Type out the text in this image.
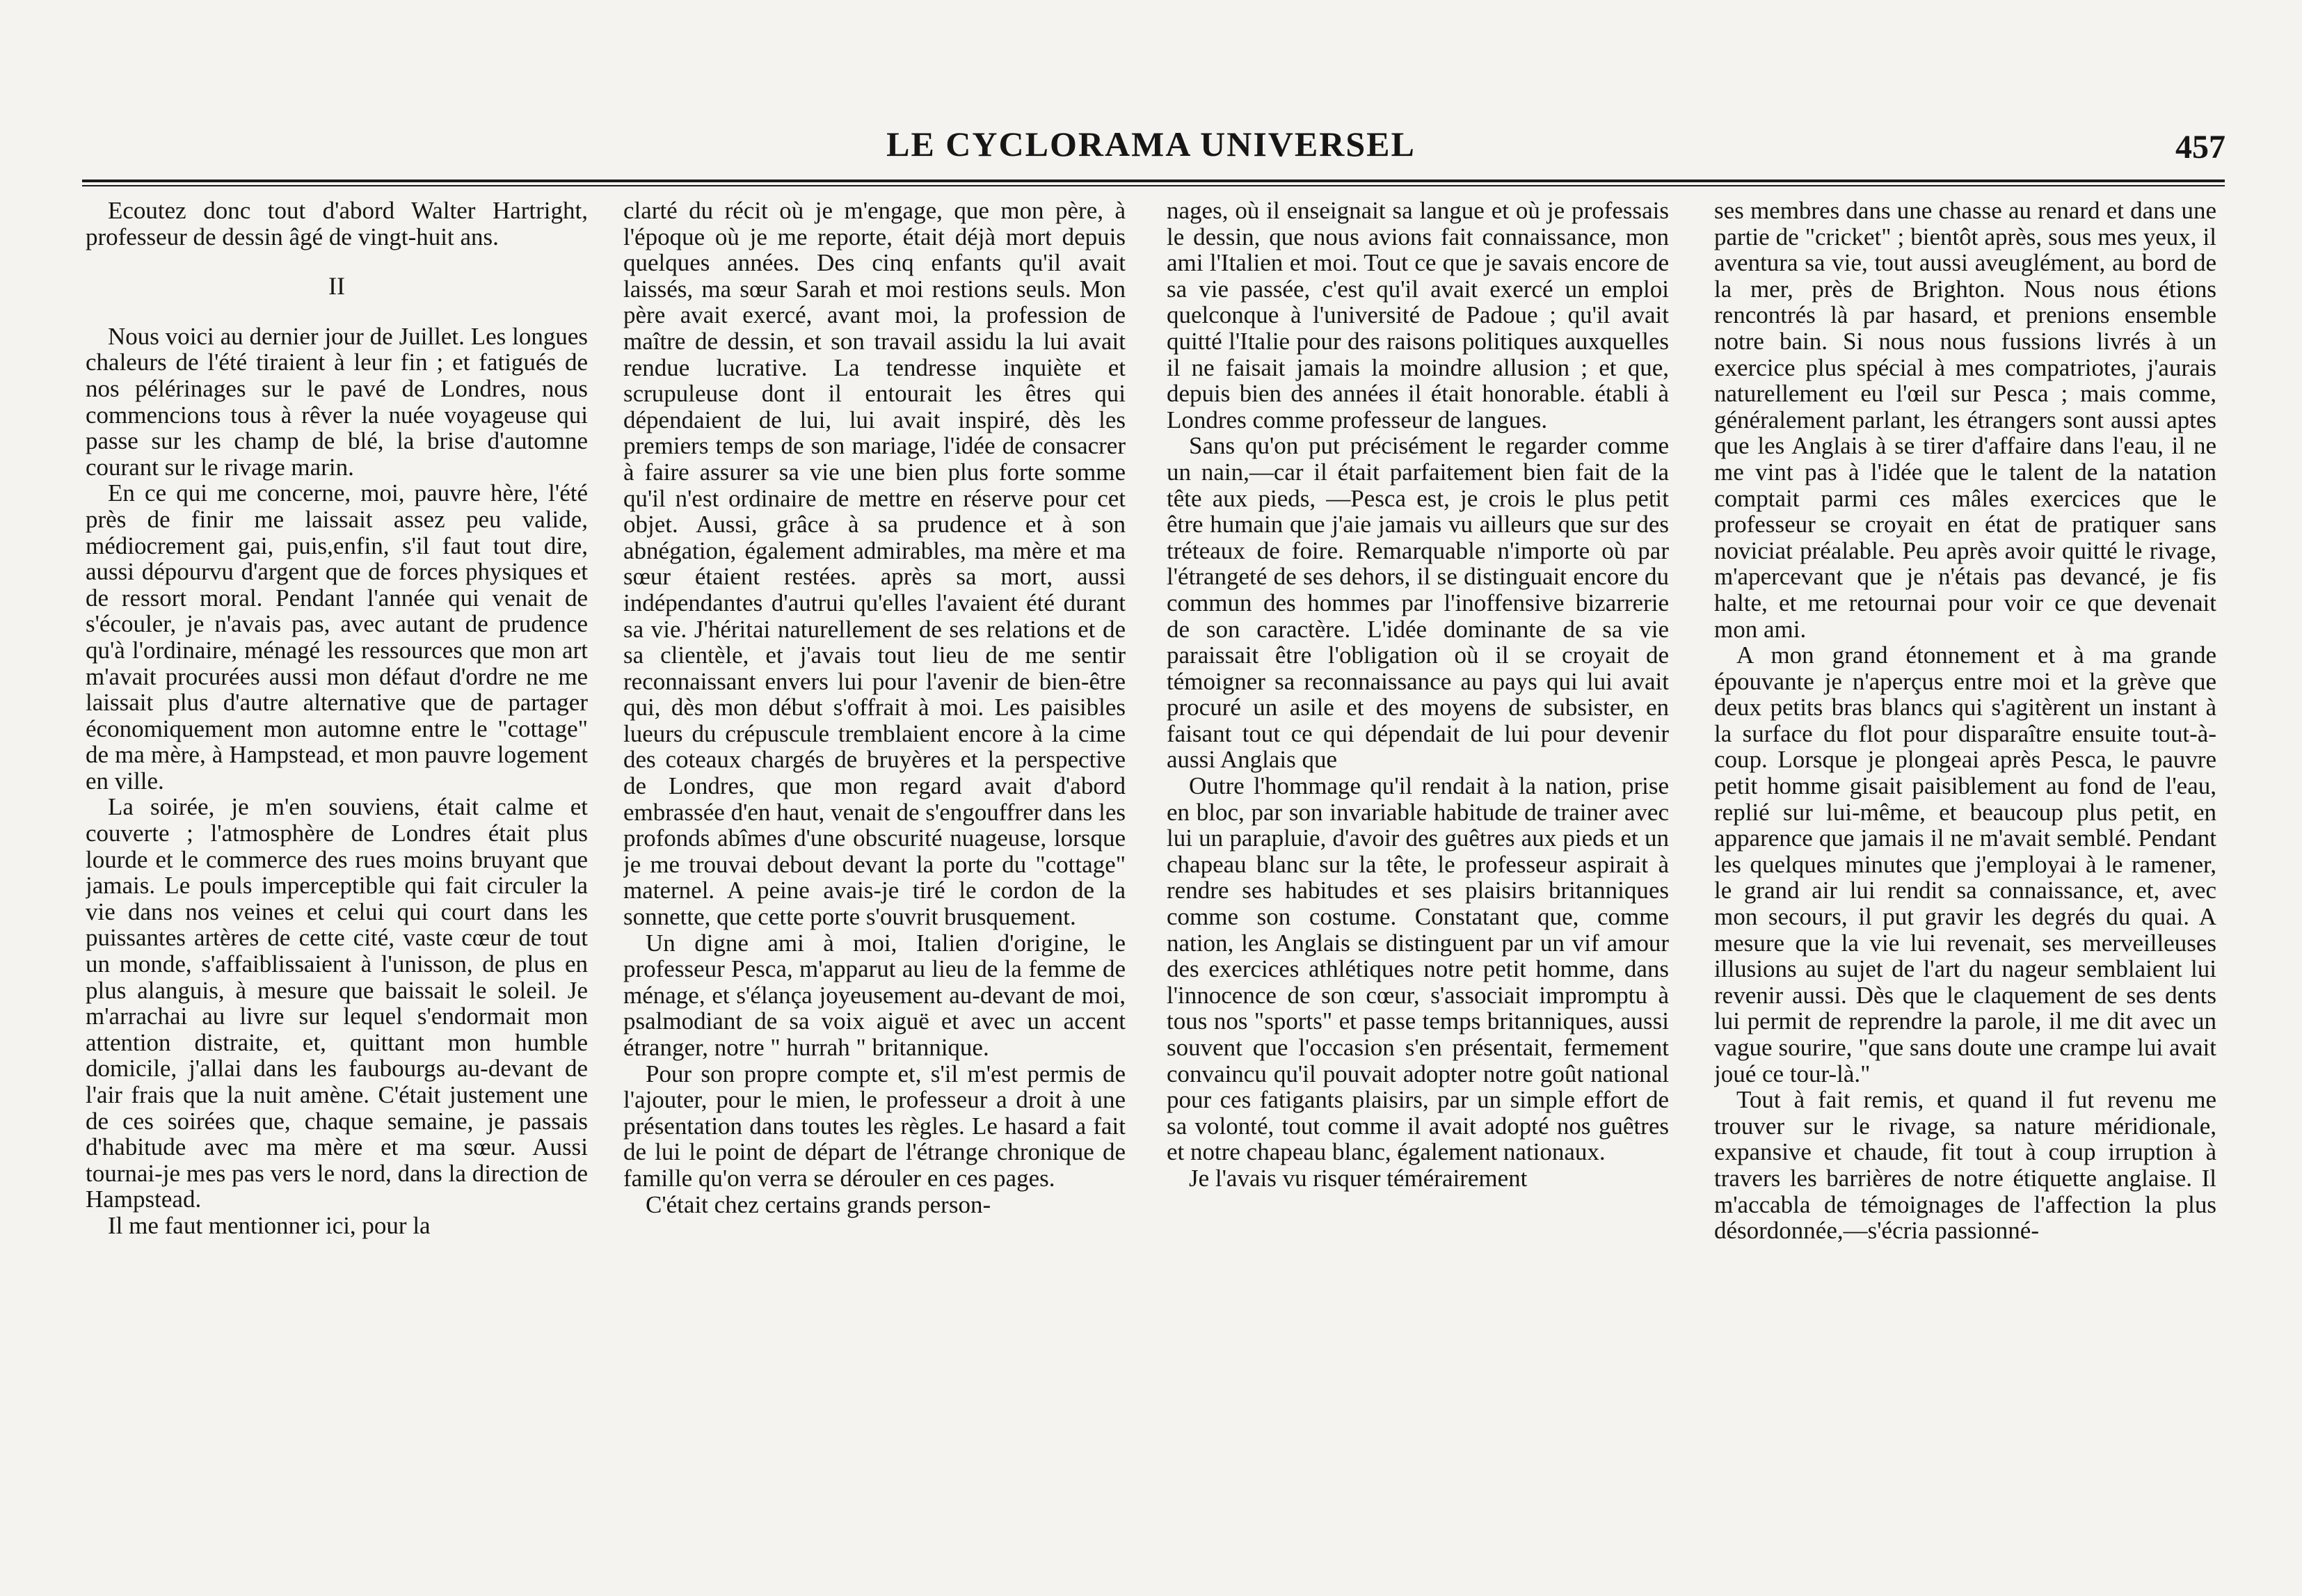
LE CYCLORAMA UNIVERSEL	457

Ecoutez donc tout d'abord Walter Hartright, professeur de dessin âgé de vingt-huit ans.

II

Nous voici au dernier jour de Juillet. Les longues chaleurs de l'été tiraient à leur fin ; et fatigués de nos pélérinages sur le pavé de Londres, nous commencions tous à rêver la nuée voyageuse qui passe sur les champ de blé, la brise d'automne courant sur le rivage marin.

En ce qui me concerne, moi, pauvre hère, l'été près de finir me laissait assez peu valide, médiocrement gai, puis,enfin, s'il faut tout dire, aussi dépourvu d'argent que de forces physiques et de ressort moral. Pendant l'année qui venait de s'écouler, je n'avais pas, avec autant de prudence qu'à l'ordinaire, ménagé les ressources que mon art m'avait procurées aussi mon défaut d'ordre ne me laissait plus d'autre alternative que de partager économiquement mon automne entre le "cottage" de ma mère, à Hampstead, et mon pauvre logement en ville.

La soirée, je m'en souviens, était calme et couverte ; l'atmosphère de Londres était plus lourde et le commerce des rues moins bruyant que jamais. Le pouls imperceptible qui fait circuler la vie dans nos veines et celui qui court dans les puissantes artères de cette cité, vaste cœur de tout un monde, s'affaiblissaient à l'unisson, de plus en plus alanguis, à mesure que baissait le soleil. Je m'arrachai au livre sur lequel s'endormait mon attention distraite, et, quittant mon humble domicile, j'allai dans les faubourgs au-devant de l'air frais que la nuit amène. C'était justement une de ces soirées que, chaque semaine, je passais d'habitude avec ma mère et ma sœur. Aussi tournai-je mes pas vers le nord, dans la direction de Hampstead.

Il me faut mentionner ici, pour la

clarté du récit où je m'engage, que mon père, à l'époque où je me reporte, était déjà mort depuis quelques années. Des cinq enfants qu'il avait laissés, ma sœur Sarah et moi restions seuls. Mon père avait exercé, avant moi, la profession de maître de dessin, et son travail assidu la lui avait rendue lucrative. La tendresse inquiète et scrupuleuse dont il entourait les êtres qui dépendaient de lui, lui avait inspiré, dès les premiers temps de son mariage, l'idée de consacrer à faire assurer sa vie une bien plus forte somme qu'il n'est ordinaire de mettre en réserve pour cet objet. Aussi, grâce à sa prudence et à son abnégation, également admirables, ma mère et ma sœur étaient restées. après sa mort, aussi indépendantes d'autrui qu'elles l'avaient été durant sa vie. J'héritai naturellement de ses relations et de sa clientèle, et j'avais tout lieu de me sentir reconnaissant envers lui pour l'avenir de bien-être qui, dès mon début s'offrait à moi. Les paisibles lueurs du crépuscule tremblaient encore à la cime des coteaux chargés de bruyères et la perspective de Londres, que mon regard avait d'abord embrassée d'en haut, venait de s'engouffrer dans les profonds abîmes d'une obscurité nuageuse, lorsque je me trouvai debout devant la porte du "cottage" maternel. A peine avais-je tiré le cordon de la sonnette, que cette porte s'ouvrit brusquement.

Un digne ami à moi, Italien d'origine, le professeur Pesca, m'apparut au lieu de la femme de ménage, et s'élança joyeusement au-devant de moi, psalmodiant de sa voix aiguë et avec un accent étranger, notre " hurrah " britannique.

Pour son propre compte et, s'il m'est permis de l'ajouter, pour le mien, le professeur a droit à une présentation dans toutes les règles. Le hasard a fait de lui le point de départ de l'étrange chronique de famille qu'on verra se dérouler en ces pages.

C'était chez certains grands person-

nages, où il enseignait sa langue et où je professais le dessin, que nous avions fait connaissance, mon ami l'Italien et moi. Tout ce que je savais encore de sa vie passée, c'est qu'il avait exercé un emploi quelconque à l'université de Padoue ; qu'il avait quitté l'Italie pour des raisons politiques auxquelles il ne faisait jamais la moindre allusion ; et que, depuis bien des années il était honorable. établi à Londres comme professeur de langues.

Sans qu'on put précisément le regarder comme un nain,—car il était parfaitement bien fait de la tête aux pieds, —Pesca est, je crois le plus petit être humain que j'aie jamais vu ailleurs que sur des tréteaux de foire. Remarquable n'importe où par l'étrangeté de ses dehors, il se distinguait encore du commun des hommes par l'inoffensive bizarrerie de son caractère. L'idée dominante de sa vie paraissait être l'obligation où il se croyait de témoigner sa reconnaissance au pays qui lui avait procuré un asile et des moyens de subsister, en faisant tout ce qui dépendait de lui pour devenir aussi Anglais que

Outre l'hommage qu'il rendait à la nation, prise en bloc, par son invariable habitude de trainer avec lui un parapluie, d'avoir des guêtres aux pieds et un chapeau blanc sur la tête, le professeur aspirait à rendre ses habitudes et ses plaisirs britanniques comme son costume. Constatant que, comme nation, les Anglais se distinguent par un vif amour des exercices athlétiques notre petit homme, dans l'innocence de son cœur, s'associait impromptu à tous nos "sports" et passe temps britanniques, aussi souvent que l'occasion s'en présentait, fermement convaincu qu'il pouvait adopter notre goût national pour ces fatigants plaisirs, par un simple effort de sa volonté, tout comme il avait adopté nos guêtres et notre chapeau blanc, également nationaux.

Je l'avais vu risquer témérairement

ses membres dans une chasse au renard et dans une partie de "cricket" ; bientôt après, sous mes yeux, il aventura sa vie, tout aussi aveuglément, au bord de la mer, près de Brighton. Nous nous étions rencontrés là par hasard, et prenions ensemble notre bain. Si nous nous fussions livrés à un exercice plus spécial à mes compatriotes, j'aurais naturellement eu l'œil sur Pesca ; mais comme, généralement parlant, les étrangers sont aussi aptes que les Anglais à se tirer d'affaire dans l'eau, il ne me vint pas à l'idée que le talent de la natation comptait parmi ces mâles exercices que le professeur se croyait en état de pratiquer sans noviciat préalable. Peu après avoir quitté le rivage, m'apercevant que je n'étais pas devancé, je fis halte, et me retournai pour voir ce que devenait mon ami.

A mon grand étonnement et à ma grande épouvante je n'aperçus entre moi et la grève que deux petits bras blancs qui s'agitèrent un instant à la surface du flot pour disparaître ensuite tout-à-coup. Lorsque je plongeai après Pesca, le pauvre petit homme gisait paisiblement au fond de l'eau, replié sur lui-même, et beaucoup plus petit, en apparence que jamais il ne m'avait semblé. Pendant les quelques minutes que j'employai à le ramener, le grand air lui rendit sa connaissance, et, avec mon secours, il put gravir les degrés du quai. A mesure que la vie lui revenait, ses merveilleuses illusions au sujet de l'art du nageur semblaient lui revenir aussi. Dès que le claquement de ses dents lui permit de reprendre la parole, il me dit avec un vague sourire, "que sans doute une crampe lui avait joué ce tour-là."

Tout à fait remis, et quand il fut revenu me trouver sur le rivage, sa nature méridionale, expansive et chaude, fit tout à coup irruption à travers les barrières de notre étiquette anglaise. Il m'accabla de témoignages de l'affection la plus désordonnée,—s'écria passionné-
